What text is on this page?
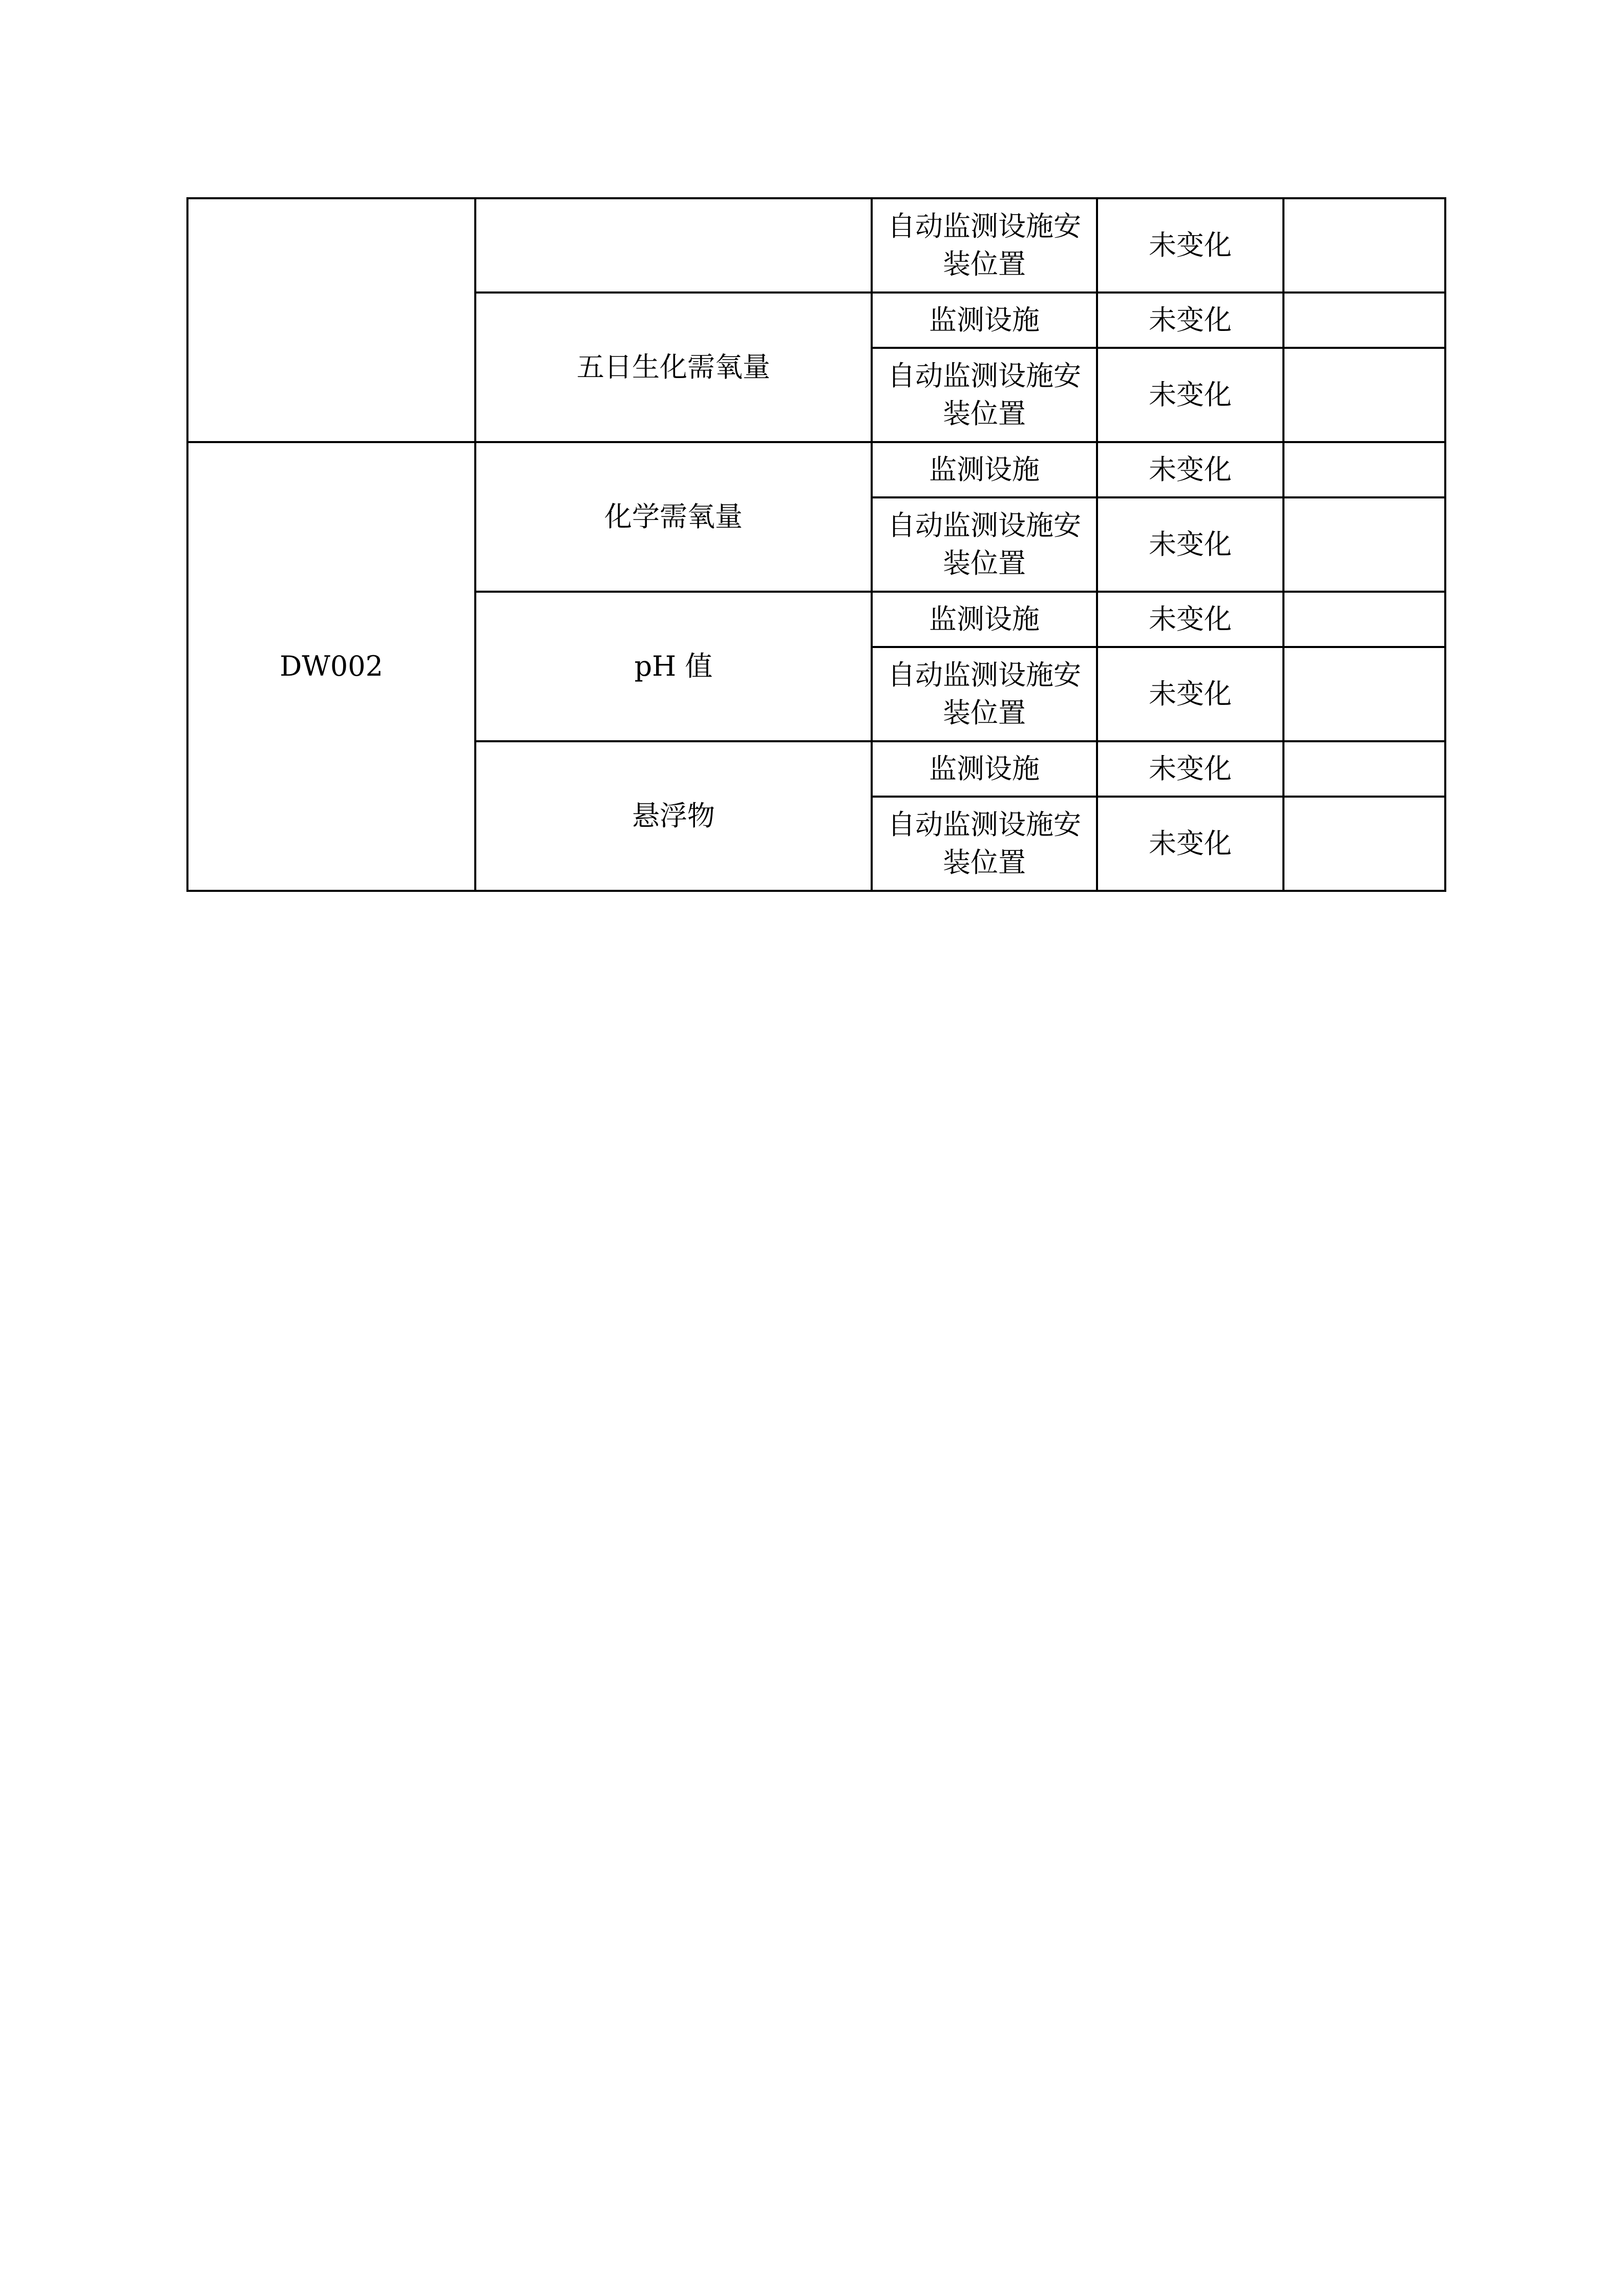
		自动监测设施安装位置	未变化	
	五日生化需氧量	监测设施	未变化	
		自动监测设施安装位置	未变化	
DW002	化学需氧量	监测设施	未变化	
		自动监测设施安装位置	未变化	
	pH 值	监测设施	未变化	
		自动监测设施安装位置	未变化	
	悬浮物	监测设施	未变化	
		自动监测设施安装位置	未变化	
